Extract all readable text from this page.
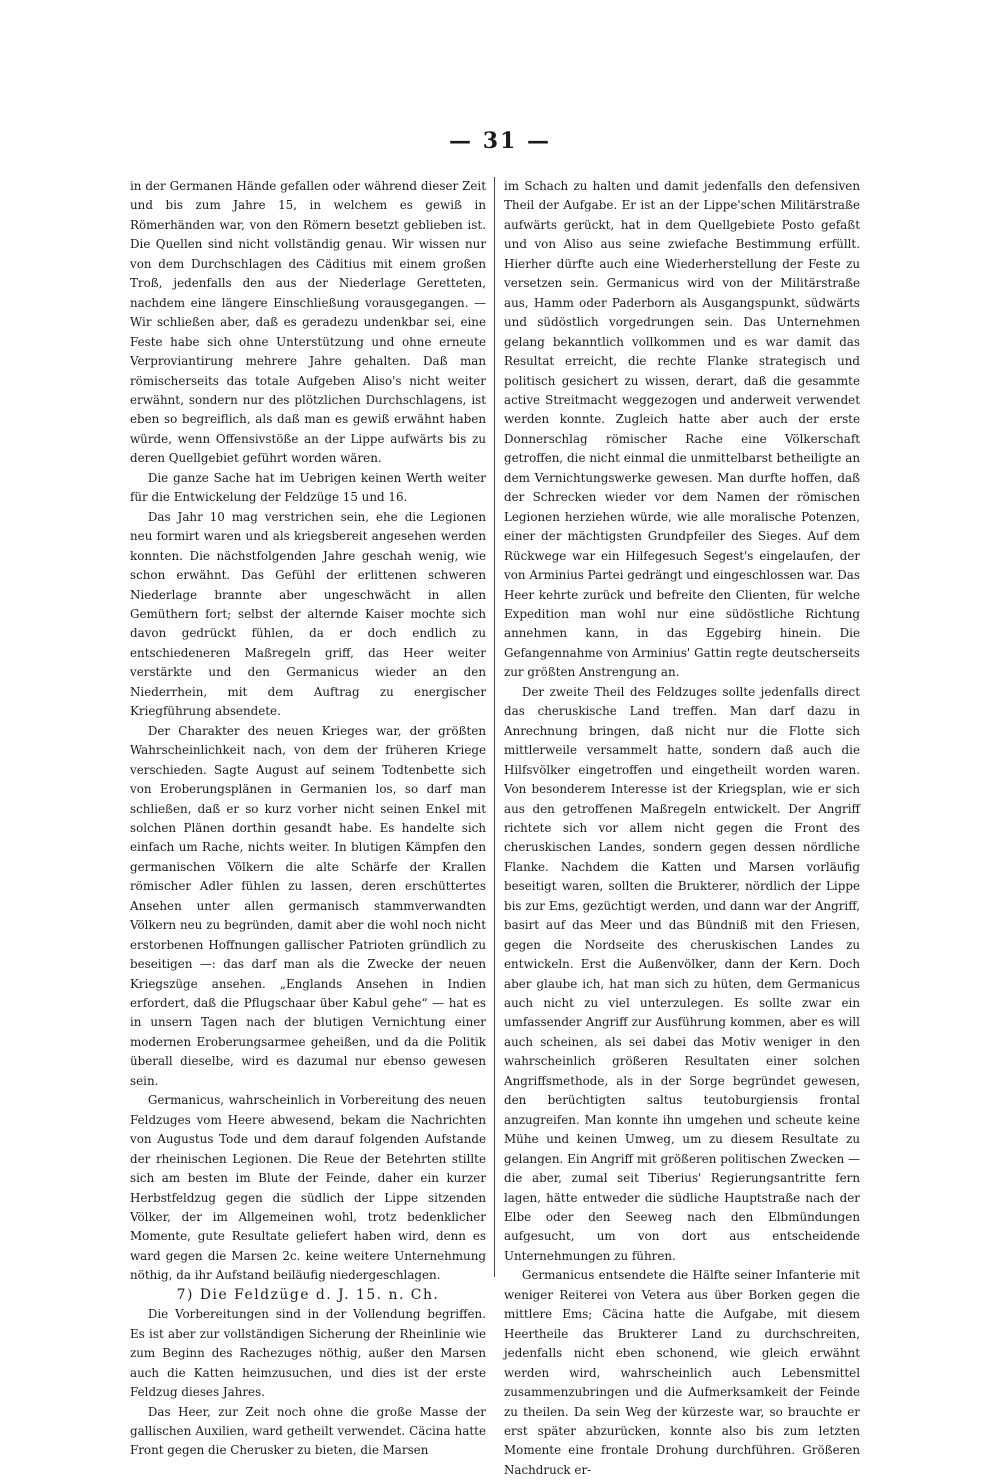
— 31 —

in der Germanen Hände gefallen oder während dieser Zeit und bis zum Jahre 15, in welchem es gewiß in Römerhänden war, von den Römern besetzt geblieben ist. Die Quellen sind nicht vollständig genau. Wir wissen nur von dem Durchschlagen des Cäditius mit einem großen Troß, jedenfalls den aus der Niederlage Geretteten, nachdem eine längere Einschließung vorausgegangen. — Wir schließen aber, daß es geradezu undenkbar sei, eine Feste habe sich ohne Unterstützung und ohne erneute Verproviantirung mehrere Jahre gehalten. Daß man römischerseits das totale Aufgeben Aliso's nicht weiter erwähnt, sondern nur des plötzlichen Durchschlagens, ist eben so begreiflich, als daß man es gewiß erwähnt haben würde, wenn Offensivstöße an der Lippe aufwärts bis zu deren Quellgebiet geführt worden wären.

Die ganze Sache hat im Uebrigen keinen Werth weiter für die Entwickelung der Feldzüge 15 und 16.

Das Jahr 10 mag verstrichen sein, ehe die Legionen neu formirt waren und als kriegsbereit angesehen werden konnten. Die nächstfolgenden Jahre geschah wenig, wie schon erwähnt. Das Gefühl der erlittenen schweren Niederlage brannte aber ungeschwächt in allen Gemüthern fort; selbst der alternde Kaiser mochte sich davon gedrückt fühlen, da er doch endlich zu entschiedeneren Maßregeln griff, das Heer weiter verstärkte und den Germanicus wieder an den Niederrhein, mit dem Auftrag zu energischer Kriegführung absendete.

Der Charakter des neuen Krieges war, der größten Wahrscheinlichkeit nach, von dem der früheren Kriege verschieden. Sagte August auf seinem Todtenbette sich von Eroberungsplänen in Germanien los, so darf man schließen, daß er so kurz vorher nicht seinen Enkel mit solchen Plänen dorthin gesandt habe. Es handelte sich einfach um Rache, nichts weiter. In blutigen Kämpfen den germanischen Völkern die alte Schärfe der Krallen römischer Adler fühlen zu lassen, deren erschüttertes Ansehen unter allen germanisch stammverwandten Völkern neu zu begründen, damit aber die wohl noch nicht erstorbenen Hoffnungen gallischer Patrioten gründlich zu beseitigen —: das darf man als die Zwecke der neuen Kriegszüge ansehen. „Englands Ansehen in Indien erfordert, daß die Pflugschaar über Kabul gehe“ — hat es in unsern Tagen nach der blutigen Vernichtung einer modernen Eroberungsarmee geheißen, und da die Politik überall dieselbe, wird es dazumal nur ebenso gewesen sein.

Germanicus, wahrscheinlich in Vorbereitung des neuen Feldzuges vom Heere abwesend, bekam die Nachrichten von Augustus Tode und dem darauf folgenden Aufstande der rheinischen Legionen. Die Reue der Betehrten stillte sich am besten im Blute der Feinde, daher ein kurzer Herbstfeldzug gegen die südlich der Lippe sitzenden Völker, der im Allgemeinen wohl, trotz bedenklicher Momente, gute Resultate geliefert haben wird, denn es ward gegen die Marsen 2c. keine weitere Unternehmung nöthig, da ihr Aufstand beiläufig niedergeschlagen.

7) Die Feldzüge d. J. 15. n. Ch.

Die Vorbereitungen sind in der Vollendung begriffen. Es ist aber zur vollständigen Sicherung der Rheinlinie wie zum Beginn des Rachezuges nöthig, außer den Marsen auch die Katten heimzusuchen, und dies ist der erste Feldzug dieses Jahres.

Das Heer, zur Zeit noch ohne die große Masse der gallischen Auxilien, ward getheilt verwendet. Cäcina hatte Front gegen die Cherusker zu bieten, die Marsen

im Schach zu halten und damit jedenfalls den defensiven Theil der Aufgabe. Er ist an der Lippe'schen Militärstraße aufwärts gerückt, hat in dem Quellgebiete Posto gefaßt und von Aliso aus seine zwiefache Bestimmung erfüllt. Hierher dürfte auch eine Wiederherstellung der Feste zu versetzen sein. Germanicus wird von der Militärstraße aus, Hamm oder Paderborn als Ausgangspunkt, südwärts und südöstlich vorgedrungen sein. Das Unternehmen gelang bekanntlich vollkommen und es war damit das Resultat erreicht, die rechte Flanke strategisch und politisch gesichert zu wissen, derart, daß die gesammte active Streitmacht weggezogen und anderweit verwendet werden konnte. Zugleich hatte aber auch der erste Donnerschlag römischer Rache eine Völkerschaft getroffen, die nicht einmal die unmittelbarst betheiligte an dem Vernichtungswerke gewesen. Man durfte hoffen, daß der Schrecken wieder vor dem Namen der römischen Legionen herziehen würde, wie alle moralische Potenzen, einer der mächtigsten Grundpfeiler des Sieges. Auf dem Rückwege war ein Hilfegesuch Segest's eingelaufen, der von Arminius Partei gedrängt und eingeschlossen war. Das Heer kehrte zurück und befreite den Clienten, für welche Expedition man wohl nur eine südöstliche Richtung annehmen kann, in das Eggebirg hinein. Die Gefangennahme von Arminius' Gattin regte deutscherseits zur größten Anstrengung an.

Der zweite Theil des Feldzuges sollte jedenfalls direct das cheruskische Land treffen. Man darf dazu in Anrechnung bringen, daß nicht nur die Flotte sich mittlerweile versammelt hatte, sondern daß auch die Hilfsvölker eingetroffen und eingetheilt worden waren. Von besonderem Interesse ist der Kriegsplan, wie er sich aus den getroffenen Maßregeln entwickelt. Der Angriff richtete sich vor allem nicht gegen die Front des cheruskischen Landes, sondern gegen dessen nördliche Flanke. Nachdem die Katten und Marsen vorläufig beseitigt waren, sollten die Brukterer, nördlich der Lippe bis zur Ems, gezüchtigt werden, und dann war der Angriff, basirt auf das Meer und das Bündniß mit den Friesen, gegen die Nordseite des cheruskischen Landes zu entwickeln. Erst die Außenvölker, dann der Kern. Doch aber glaube ich, hat man sich zu hüten, dem Germanicus auch nicht zu viel unterzulegen. Es sollte zwar ein umfassender Angriff zur Ausführung kommen, aber es will auch scheinen, als sei dabei das Motiv weniger in den wahrscheinlich größeren Resultaten einer solchen Angriffsmethode, als in der Sorge begründet gewesen, den berüchtigten saltus teutoburgiensis frontal anzugreifen. Man konnte ihn umgehen und scheute keine Mühe und keinen Umweg, um zu diesem Resultate zu gelangen. Ein Angriff mit größeren politischen Zwecken — die aber, zumal seit Tiberius' Regierungsantritte fern lagen, hätte entweder die südliche Hauptstraße nach der Elbe oder den Seeweg nach den Elbmündungen aufgesucht, um von dort aus entscheidende Unternehmungen zu führen.

Germanicus entsendete die Hälfte seiner Infanterie mit weniger Reiterei von Vetera aus über Borken gegen die mittlere Ems; Cäcina hatte die Aufgabe, mit diesem Heertheile das Brukterer Land zu durchschreiten, jedenfalls nicht eben schonend, wie gleich erwähnt werden wird, wahrscheinlich auch Lebensmittel zusammenzubringen und die Aufmerksamkeit der Feinde zu theilen. Da sein Weg der kürzeste war, so brauchte er erst später abzurücken, konnte also bis zum letzten Momente eine frontale Drohung durchführen. Größeren Nachdruck er-
